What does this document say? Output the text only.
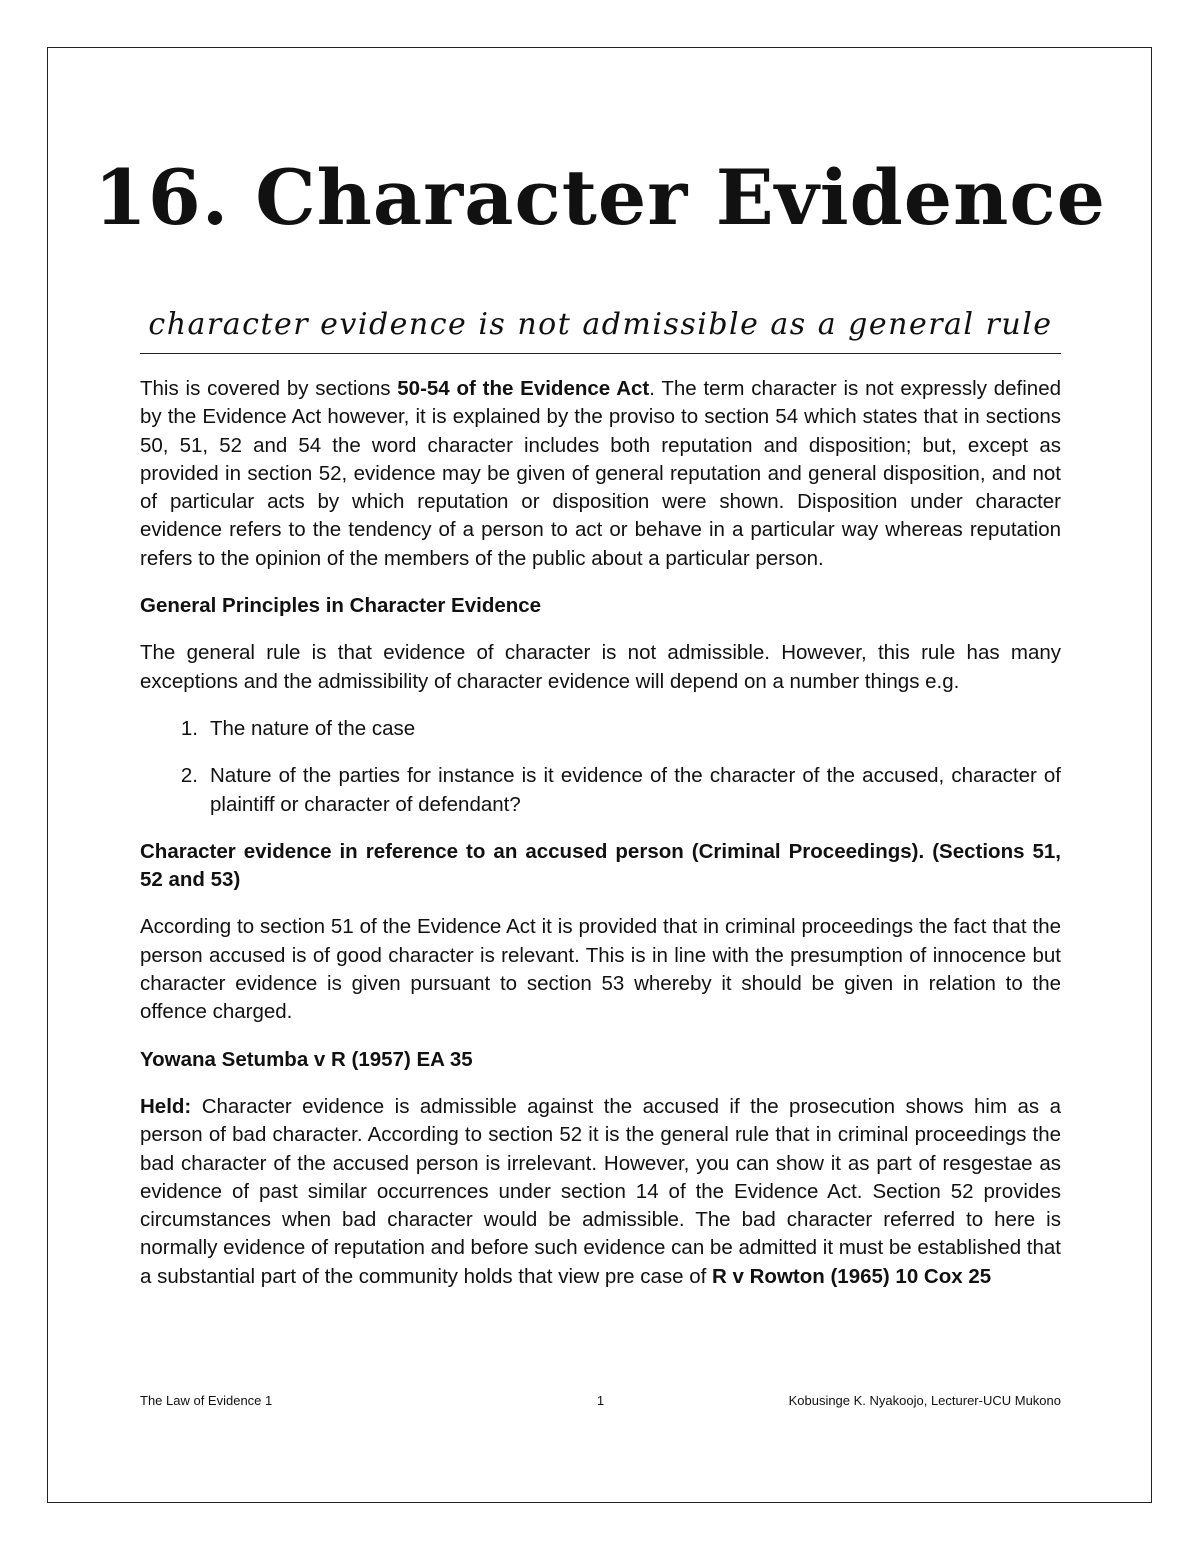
16. Character Evidence

character evidence is not admissible as a general rule

This is covered by sections 50-54 of the Evidence Act. The term character is not expressly defined by the Evidence Act however, it is explained by the proviso to section 54 which states that in sections 50, 51, 52 and 54 the word character includes both reputation and disposition; but, except as provided in section 52, evidence may be given of general reputation and general disposition, and not of particular acts by which reputation or disposition were shown. Disposition under character evidence refers to the tendency of a person to act or behave in a particular way whereas reputation refers to the opinion of the members of the public about a particular person.

General Principles in Character Evidence

The general rule is that evidence of character is not admissible. However, this rule has many exceptions and the admissibility of character evidence will depend on a number things e.g.

1. The nature of the case
2. Nature of the parties for instance is it evidence of the character of the accused, character of plaintiff or character of defendant?
Character evidence in reference to an accused person (Criminal Proceedings). (Sections 51, 52 and 53)

According to section 51 of the Evidence Act it is provided that in criminal proceedings the fact that the person accused is of good character is relevant. This is in line with the presumption of innocence but character evidence is given pursuant to section 53 whereby it should be given in relation to the offence charged.

Yowana Setumba v R (1957) EA 35

Held: Character evidence is admissible against the accused if the prosecution shows him as a person of bad character. According to section 52 it is the general rule that in criminal proceedings the bad character of the accused person is irrelevant. However, you can show it as part of resgestae as evidence of past similar occurrences under section 14 of the Evidence Act. Section 52 provides circumstances when bad character would be admissible. The bad character referred to here is normally evidence of reputation and before such evidence can be admitted it must be established that a substantial part of the community holds that view pre case of R v Rowton (1965) 10 Cox 25

The Law of Evidence 1	1	Kobusinge K. Nyakoojo, Lecturer-UCU Mukono
